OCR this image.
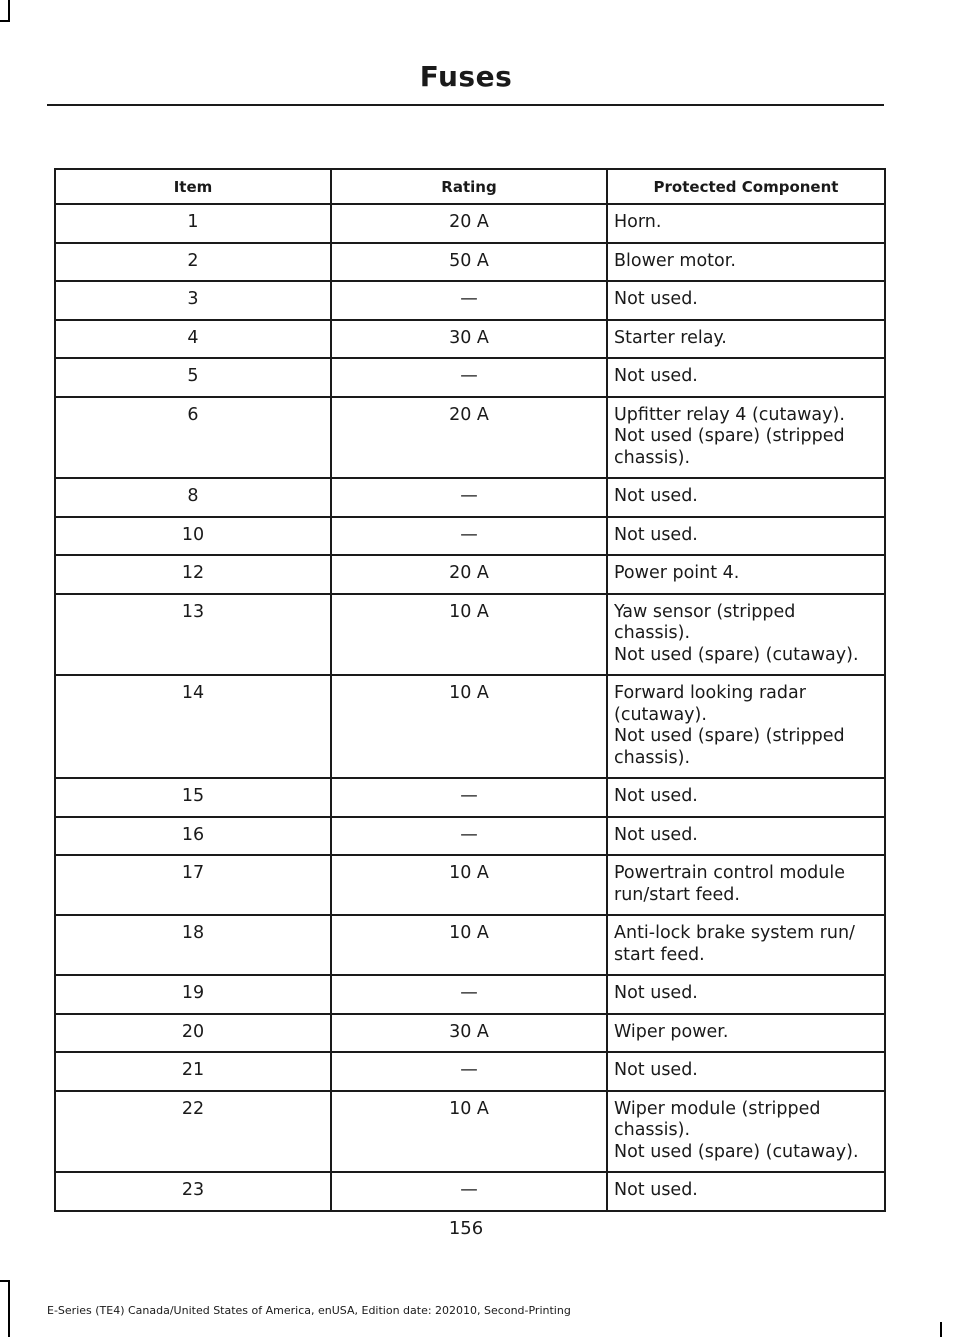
Fuses
Item	Rating	Protected Component
1	20 A	Horn.

2	50 A	Blower motor.

3	—	Not used.

4	30 A	Starter relay.

5	—	Not used.

6	20 A	Upfitter relay 4 (cutaway).
Not used (spare) (stripped
chassis).

8	—	Not used.

10	—	Not used.

12	20 A	Power point 4.

13	10 A	Yaw sensor (stripped
chassis).
Not used (spare) (cutaway).

14	10 A	Forward looking radar
(cutaway).
Not used (spare) (stripped
chassis).

15	—	Not used.

16	—	Not used.

17	10 A	Powertrain control module
run/start feed.

18	10 A	Anti-lock brake system run/
start feed.

19	—	Not used.

20	30 A	Wiper power.

21	—	Not used.

22	10 A	Wiper module (stripped
chassis).
Not used (spare) (cutaway).

23	—	Not used.
156
E-Series (TE4) Canada/United States of America, enUSA, Edition date: 202010, Second-Printing
